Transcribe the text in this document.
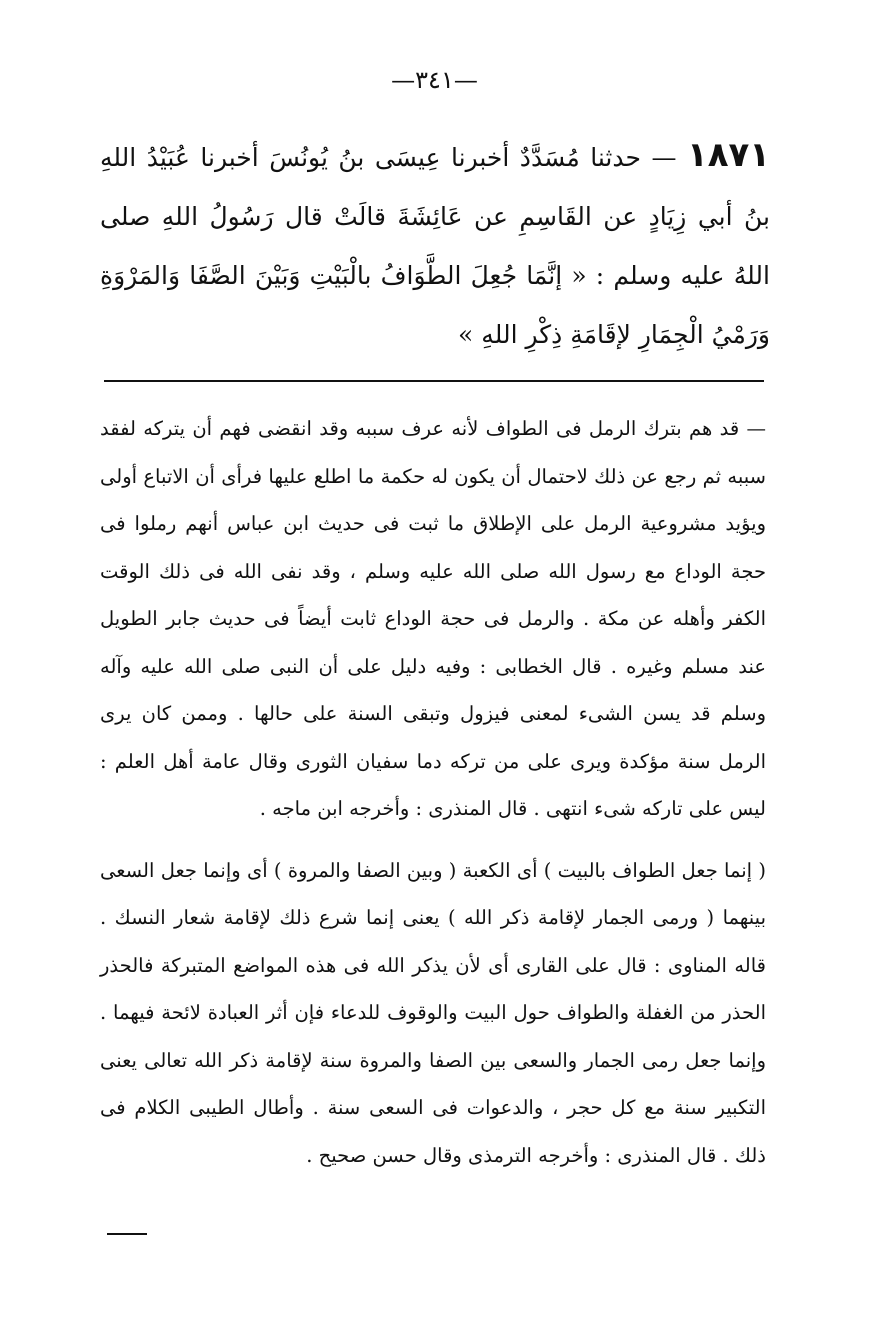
—٣٤١—
١٨٧١ — حدثنا مُسَدَّدٌ أخبرنا عِيسَى بنُ يُونُسَ أخبرنا عُبَيْدُ اللهِ بنُ أبي زِيَادٍ عن القَاسِمِ عن عَائِشَةَ قالَتْ قال رَسُولُ اللهِ صلى اللهُ عليه وسلم : « إنَّمَا جُعِلَ الطَّوَافُ بالْبَيْتِ وَبَيْنَ الصَّفَا وَالمَرْوَةِ وَرَمْيُ الْجِمَارِ لإقَامَةِ ذِكْرِ اللهِ »

— قد هم بترك الرمل فى الطواف لأنه عرف سببه وقد انقضى فهم أن يتركه لفقد سببه ثم رجع عن ذلك لاحتمال أن يكون له حكمة ما اطلع عليها فرأى أن الاتباع أولى ويؤيد مشروعية الرمل على الإطلاق ما ثبت فى حديث ابن عباس أنهم رملوا فى حجة الوداع مع رسول الله صلى الله عليه وسلم ، وقد نفى الله فى ذلك الوقت الكفر وأهله عن مكة . والرمل فى حجة الوداع ثابت أيضاً فى حديث جابر الطويل عند مسلم وغيره . قال الخطابى : وفيه دليل على أن النبى صلى الله عليه وآله وسلم قد يسن الشىء لمعنى فيزول وتبقى السنة على حالها . وممن كان يرى الرمل سنة مؤكدة ويرى على من تركه دما سفيان الثورى وقال عامة أهل العلم : ليس على تاركه شىء انتهى . قال المنذرى : وأخرجه ابن ماجه .

( إنما جعل الطواف بالبيت ) أى الكعبة ( وبين الصفا والمروة ) أى وإنما جعل السعى بينهما ( ورمى الجمار لإقامة ذكر الله ) يعنى إنما شرع ذلك لإقامة شعار النسك . قاله المناوى : قال على القارى أى لأن يذكر الله فى هذه المواضع المتبركة فالحذر الحذر من الغفلة والطواف حول البيت والوقوف للدعاء فإن أثر العبادة لائحة فيهما . وإنما جعل رمى الجمار والسعى بين الصفا والمروة سنة لإقامة ذكر الله تعالى يعنى التكبير سنة مع كل حجر ، والدعوات فى السعى سنة . وأطال الطيبى الكلام فى ذلك . قال المنذرى : وأخرجه الترمذى وقال حسن صحيح .
